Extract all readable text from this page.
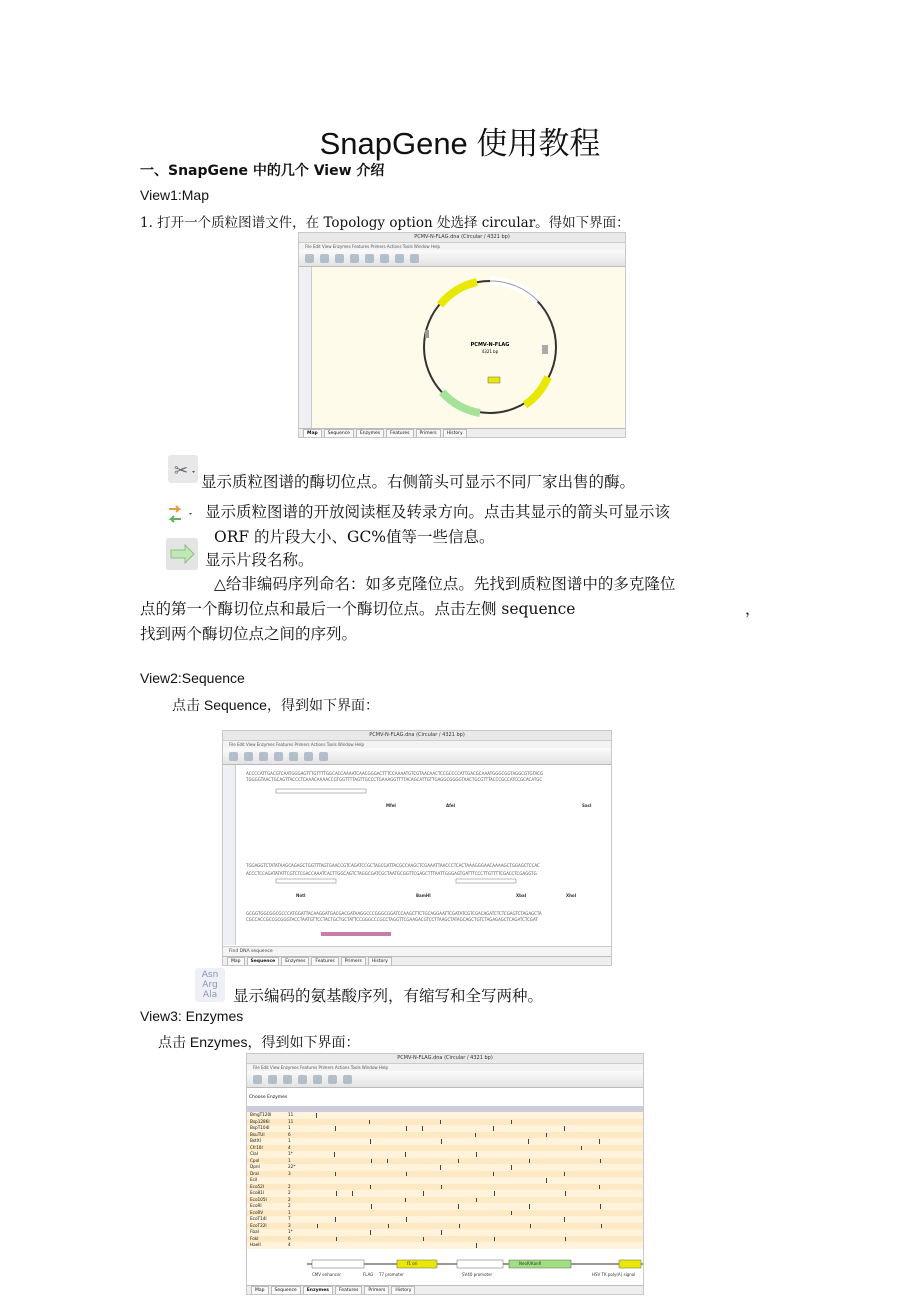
SnapGene 使用教程
一、SnapGene 中的几个 View 介绍
View1:Map
1. 打开一个质粒图谱文件，在 Topology option 处选择 circular。得如下界面：
PCMV-N-FLAG.dna (Circular / 4321 bp)
File Edit View Enzymes Features Primers Actions Tools Window Help
PCMV-N-FLAG
4321 bp
Map	Sequence	Enzymes	Features	Primers	History
✂
显示质粒图谱的酶切位点。右侧箭头可显示不同厂家出售的酶。
显示质粒图谱的开放阅读框及转录方向。点击其显示的箭头可显示该
ORF 的片段大小、GC%值等一些信息。
显示片段名称。
△给非编码序列命名：如多克隆位点。先找到质粒图谱中的多克隆位
点的第一个酶切位点和最后一个酶切位点。点击左侧 sequence	，
找到两个酶切位点之间的序列。
View2:Sequence
点击 Sequence，得到如下界面：
PCMV-N-FLAG.dna (Circular / 4321 bp)
File Edit View Enzymes Features Primers Actions Tools Window Help
ACCCCATTGACGTCAATGGGAGTTTGTTTTGGCACCAAAATCAACGGGACTTTCCAAAATGTCGTAACAACTCCGCCCCATTGACGCAAATGGGCGGTAGGCGTGTACG
TGGGGTAACTGCAGTTACCCTCAAACAAAACCGTGGTTTTAGTTGCCCTGAAAGGTTTTACAGCATTGTTGAGGCGGGGTAACTGCGTTTACCCGCCATCCGCACATGC
TGGAGGTCTATATAAGCAGAGCTGGTTTAGTGAACCGTCAGATCCGCTAGCGATTACGCCAAGCTCGAAATTAACCCTCACTAAAGGGAACAAAAGCTGGAGCTCCAC
ACCCTCCAGATATATTCGTCTCGACCAAATCACTTGGCAGTCTAGGCGATCGCTAATGCGGTTCGAGCTTTAATTGGGAGTGATTTCCCTTGTTTTCGACCTCGAGGTG
GCGGTGGCGGCGCCCATGGATTACAAGGATGACGACGATAAGGCCCGGGCGGATCCAAGCTTCTGCAGGAATTCGATATCGTCGACAGATCTCTCGAGTCTAGAGCTA
CGCCACCGCCGCGGGTACCTAATGTTCCTACTGCTGCTATTCCGGGCCCGCCTAGGTTCGAAGACGTCCTTAAGCTATAGCAGCTGTCTAGAGAGCTCAGATCTCGAT
MfeI	AfeI	SacI
NotI	BamHI	XbaI	XhoI
Find DNA sequence
Map	Sequence	Enzymes	Features	Primers	History
Asn
Arg
Ala	显示编码的氨基酸序列，有缩写和全写两种。
View3: Enzymes
点击 Enzymes，得到如下界面：
PCMV-N-FLAG.dna (Circular / 4321 bp)
File Edit View Enzymes Features Primers Actions Tools Window Help
Choose Enzymes
BmgT120I	11
Bsp1286I	11
BspT104I	1
BsuTUI	6
BstXI	1
Cfr10I	4
ClaI	1*
CpoI	1
DpnI	22*
DraI	3
EciI
Eco52I	2
Eco81I	2
Eco105I	2
EcoRI	2
EcoRV	1
EcoT14I	7
EcoT22I	3
FbaI	1*
FokI	6
HaeII	4
CMV enhancer	FLAG T7 promoter
f1 ori
SV40 promoter
NeoR/KanR
HSV TK poly(A) signal
Map	Sequence	Enzymes	Features	Primers	History
